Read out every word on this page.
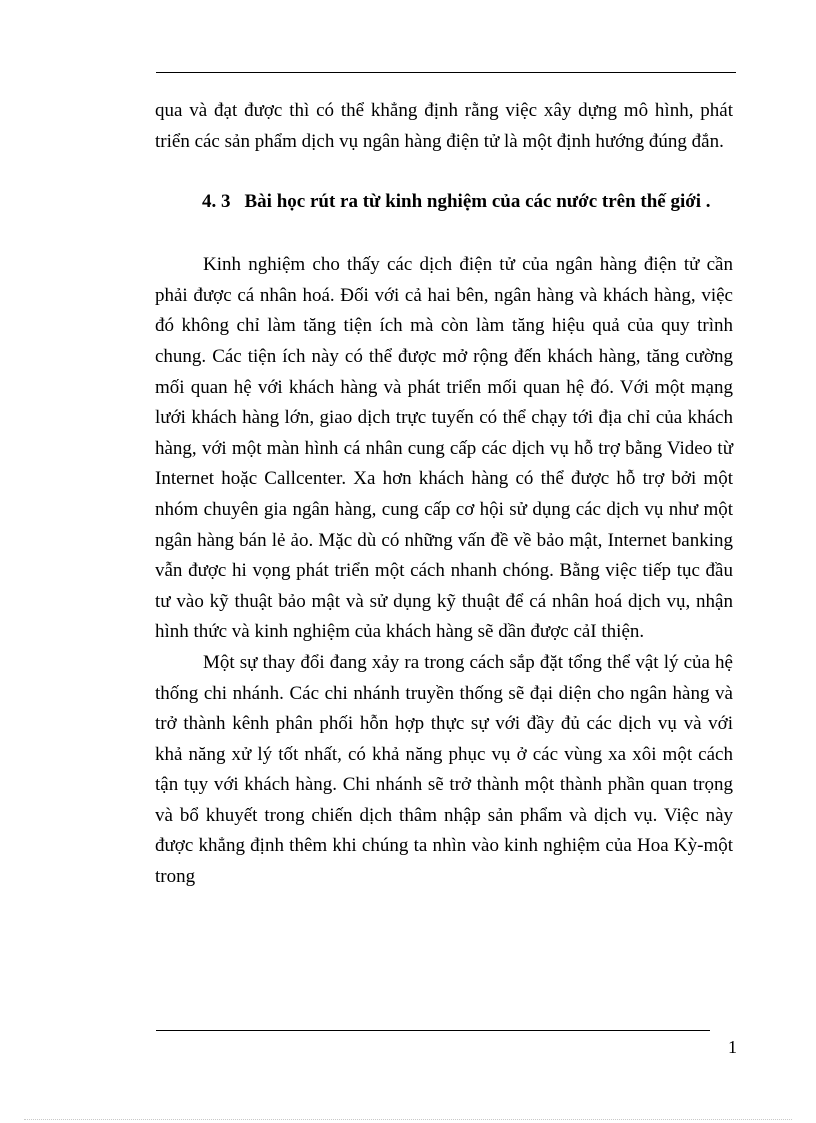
qua và đạt được thì có thể khẳng định rằng việc xây dựng mô hình, phát triển các sản phẩm dịch vụ ngân hàng điện tử là một định hướng đúng đắn.

4. 3 Bài học rút ra từ kinh nghiệm của các nước trên thế giới .

Kinh nghiệm cho thấy các dịch điện tử của ngân hàng điện tử cần phải được cá nhân hoá. Đối với cả hai bên, ngân hàng và khách hàng, việc đó không chỉ làm tăng tiện ích mà còn làm tăng hiệu quả của quy trình chung. Các tiện ích này có thể được mở rộng đến khách hàng, tăng cường mối quan hệ với khách hàng và phát triển mối quan hệ đó. Với một mạng lưới khách hàng lớn, giao dịch trực tuyến có thể chạy tới địa chỉ của khách hàng, với một màn hình cá nhân cung cấp các dịch vụ hỗ trợ bằng Video từ Internet hoặc Callcenter. Xa hơn khách hàng có thể được hỗ trợ bởi một nhóm chuyên gia ngân hàng, cung cấp cơ hội sử dụng các dịch vụ như một ngân hàng bán lẻ ảo. Mặc dù có những vấn đề về bảo mật, Internet banking vẫn được hi vọng phát triển một cách nhanh chóng. Bằng việc tiếp tục đầu tư vào kỹ thuật bảo mật và sử dụng kỹ thuật để cá nhân hoá dịch vụ, nhận hình thức và kinh nghiệm của khách hàng sẽ dần được cảI thiện.

Một sự thay đổi đang xảy ra trong cách sắp đặt tổng thể vật lý của hệ thống chi nhánh. Các chi nhánh truyền thống sẽ đại diện cho ngân hàng và trở thành kênh phân phối hỗn hợp thực sự với đầy đủ các dịch vụ và với khả năng xử lý tốt nhất, có khả năng phục vụ ở các vùng xa xôi một cách tận tụy với khách hàng. Chi nhánh sẽ trở thành một thành phần quan trọng và bổ khuyết trong chiến dịch thâm nhập sản phẩm và dịch vụ. Việc này được khẳng định thêm khi chúng ta nhìn vào kinh nghiệm của Hoa Kỳ-một trong

1
